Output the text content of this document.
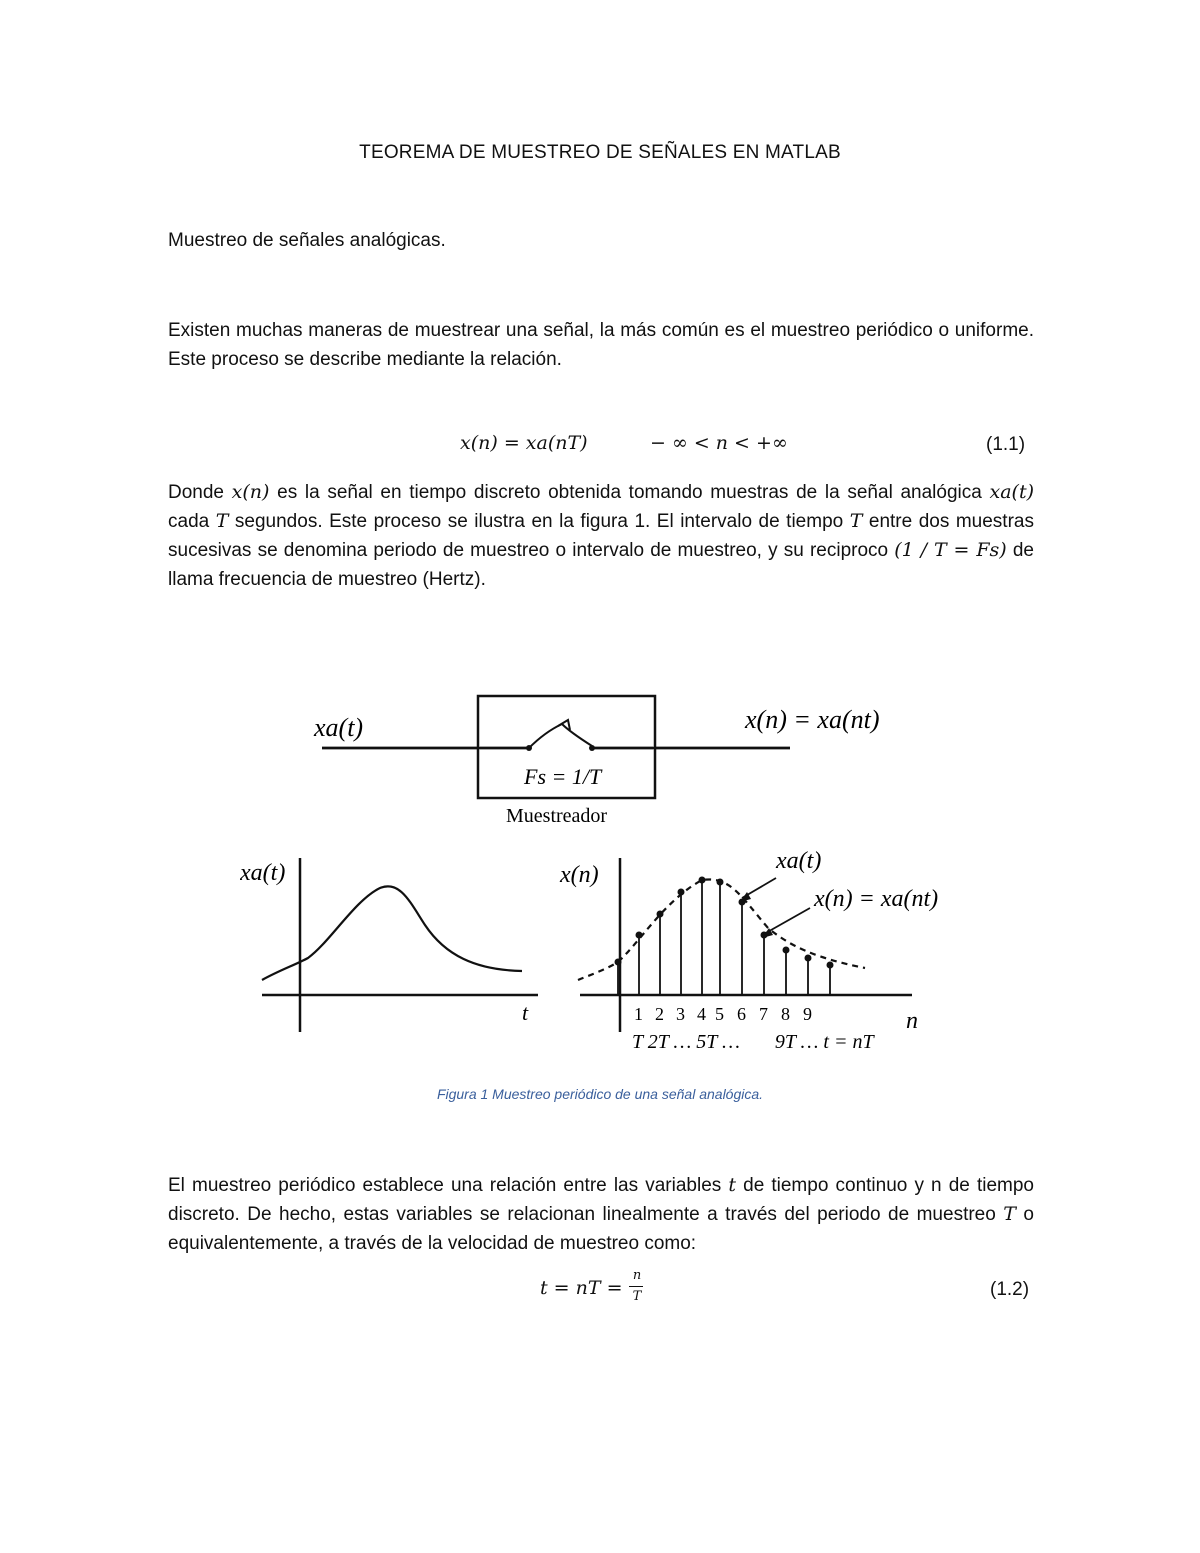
TEOREMA DE MUESTREO DE SEÑALES EN MATLAB
Muestreo de señales analógicas.
Existen muchas maneras de muestrear una señal, la más común es el muestreo periódico o uniforme. Este proceso se describe mediante la relación.
x(n) = xa(nT)	− ∞ < n < +∞	(1.1)
Donde x(n) es la señal en tiempo discreto obtenida tomando muestras de la señal analógica xa(t) cada T segundos. Este proceso se ilustra en la figura 1. El intervalo de tiempo T entre dos muestras sucesivas se denomina periodo de muestreo o intervalo de muestreo, y su reciproco (1 / T = Fs) de llama frecuencia de muestreo (Hertz).
xa(t)	x(n) = xa(nt)
Fs = 1/T
Muestreador
xa(t)
t
x(n)
xa(t)
x(n) = xa(nt)
1 2 3 4 5 6 7 8 9	n
T 2T … 5T …       9T … t = nT
Figura 1 Muestreo periódico de una señal analógica.
El muestreo periódico establece una relación entre las variables t de tiempo continuo y n de tiempo discreto. De hecho, estas variables se relacionan linealmente a través del periodo de muestreo T o equivalentemente, a través de la velocidad de muestreo como:
t = nT =
n
T	(1.2)
